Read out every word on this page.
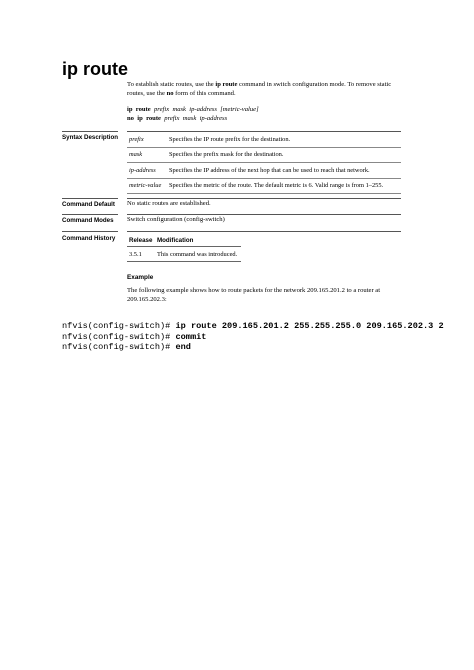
ip route
To establish static routes, use the ip route command in switch configuration mode. To remove static routes, use the no form of this command.
ip route prefix mask ip-address [metric-value]
no ip route prefix mask ip-address
Syntax Description prefix	Specifies the IP route prefix for the destination.
mask	Specifies the prefix mask for the destination.
ip-address	Specifies the IP address of the next hop that can be used to reach that network.
metric-value	Specifies the metric of the route. The default metric is 6. Valid range is from 1–255.
Command Default No static routes are established.
Command Modes Switch configuration (config-switch)
Command History Release	Modification
3.5.1	This command was introduced.
Example
The following example shows how to route packets for the network 209.165.201.2 to a router at 209.165.202.3:
nfvis(config-switch)# ip route 209.165.201.2 255.255.255.0 209.165.202.3 2
nfvis(config-switch)# commit
nfvis(config-switch)# end
